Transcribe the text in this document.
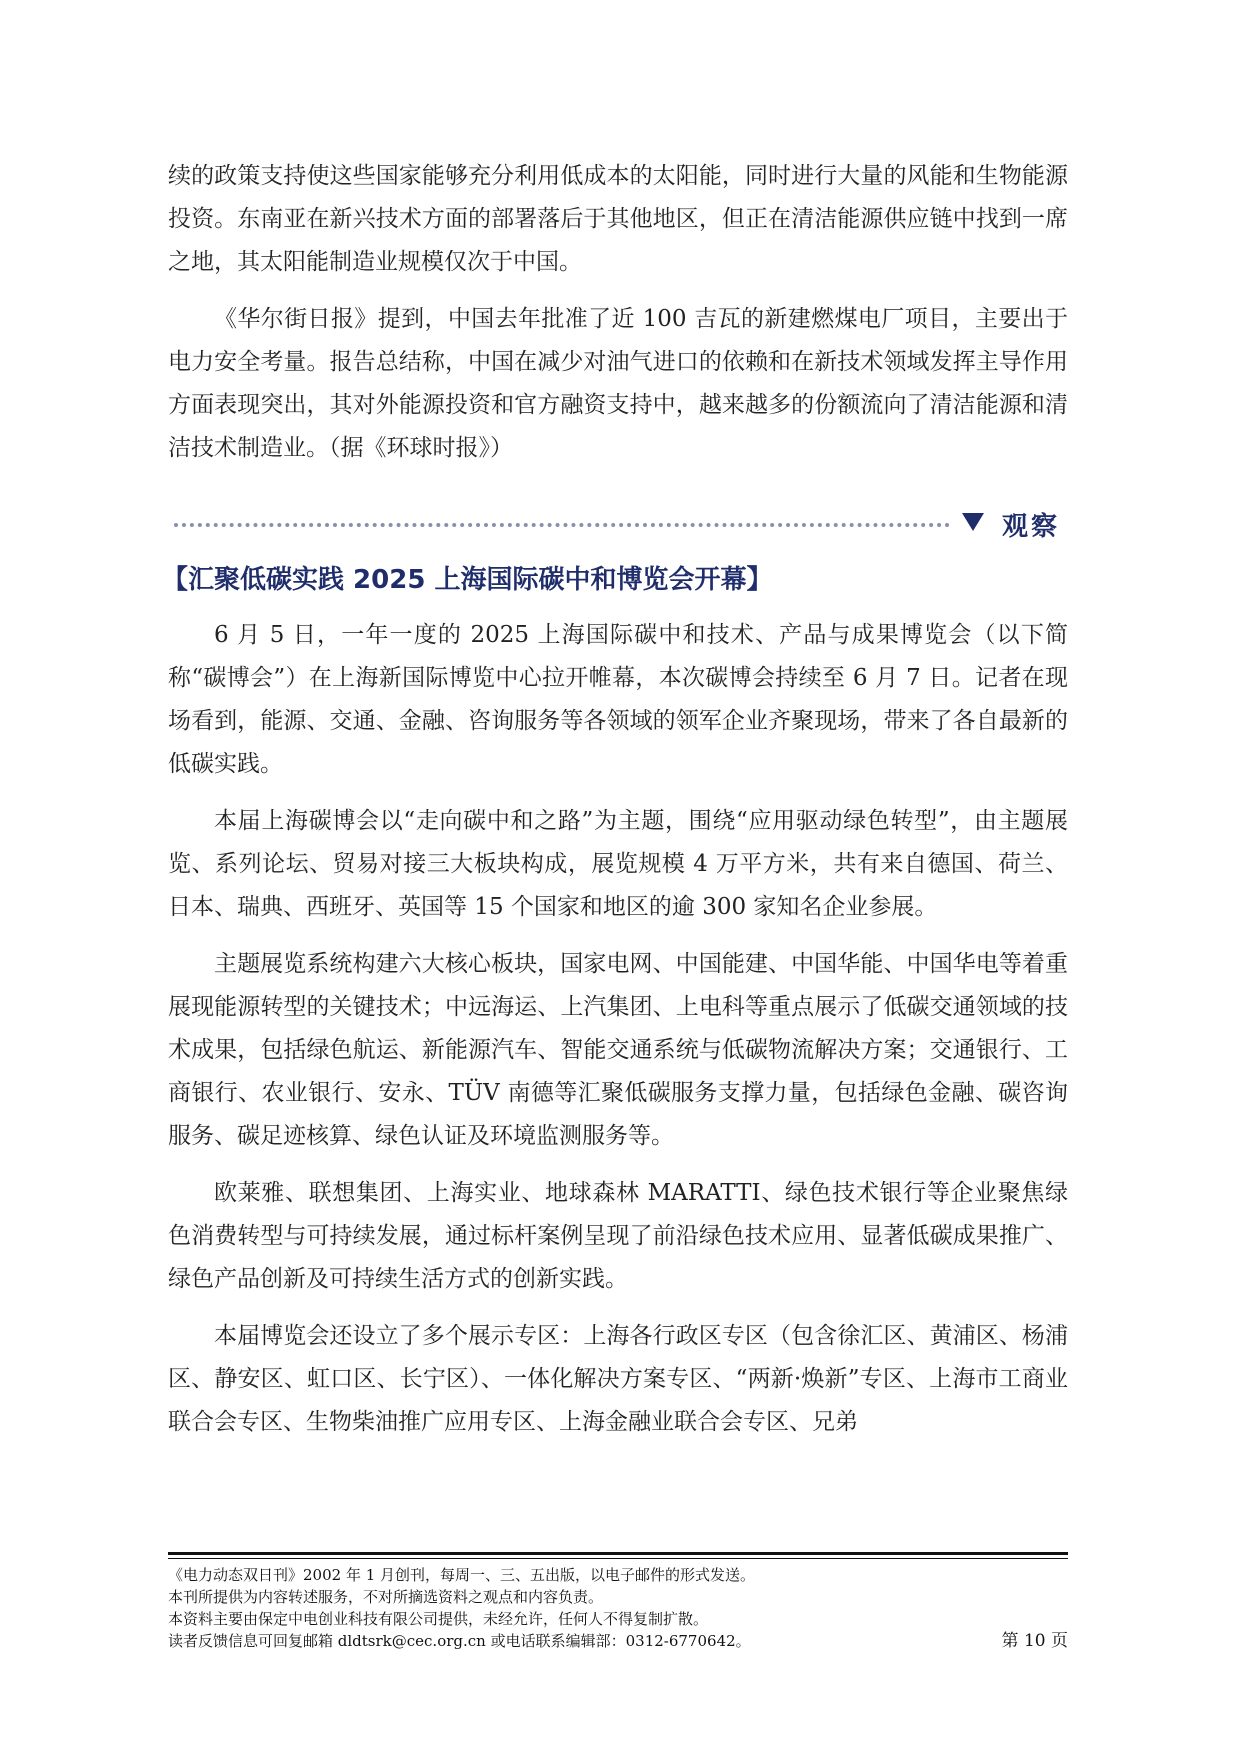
续的政策支持使这些国家能够充分利用低成本的太阳能，同时进行大量的风能和生物能源投资。东南亚在新兴技术方面的部署落后于其他地区，但正在清洁能源供应链中找到一席之地，其太阳能制造业规模仅次于中国。

《华尔街日报》提到，中国去年批准了近 100 吉瓦的新建燃煤电厂项目，主要出于电力安全考量。报告总结称，中国在减少对油气进口的依赖和在新技术领域发挥主导作用方面表现突出，其对外能源投资和官方融资支持中，越来越多的份额流向了清洁能源和清洁技术制造业。（据《环球时报》）

观察
【汇聚低碳实践 2025 上海国际碳中和博览会开幕】

6 月 5 日，一年一度的 2025 上海国际碳中和技术、产品与成果博览会（以下简称“碳博会”）在上海新国际博览中心拉开帷幕，本次碳博会持续至 6 月 7 日。记者在现场看到，能源、交通、金融、咨询服务等各领域的领军企业齐聚现场，带来了各自最新的低碳实践。

本届上海碳博会以“走向碳中和之路”为主题，围绕“应用驱动绿色转型”，由主题展览、系列论坛、贸易对接三大板块构成，展览规模 4 万平方米，共有来自德国、荷兰、日本、瑞典、西班牙、英国等 15 个国家和地区的逾 300 家知名企业参展。

主题展览系统构建六大核心板块，国家电网、中国能建、中国华能、中国华电等着重展现能源转型的关键技术；中远海运、上汽集团、上电科等重点展示了低碳交通领域的技术成果，包括绿色航运、新能源汽车、智能交通系统与低碳物流解决方案；交通银行、工商银行、农业银行、安永、TÜV 南德等汇聚低碳服务支撑力量，包括绿色金融、碳咨询服务、碳足迹核算、绿色认证及环境监测服务等。

欧莱雅、联想集团、上海实业、地球森林 MARATTI、绿色技术银行等企业聚焦绿色消费转型与可持续发展，通过标杆案例呈现了前沿绿色技术应用、显著低碳成果推广、绿色产品创新及可持续生活方式的创新实践。

本届博览会还设立了多个展示专区：上海各行政区专区（包含徐汇区、黄浦区、杨浦区、静安区、虹口区、长宁区）、一体化解决方案专区、“两新·焕新”专区、上海市工商业联合会专区、生物柴油推广应用专区、上海金融业联合会专区、兄弟

《电力动态双日刊》2002 年 1 月创刊，每周一、三、五出版，以电子邮件的形式发送。
本刊所提供为内容转述服务，不对所摘选资料之观点和内容负责。
本资料主要由保定中电创业科技有限公司提供，未经允许，任何人不得复制扩散。
读者反馈信息可回复邮箱 dldtsrk@cec.org.cn 或电话联系编辑部：0312-6770642。	第 10 页
